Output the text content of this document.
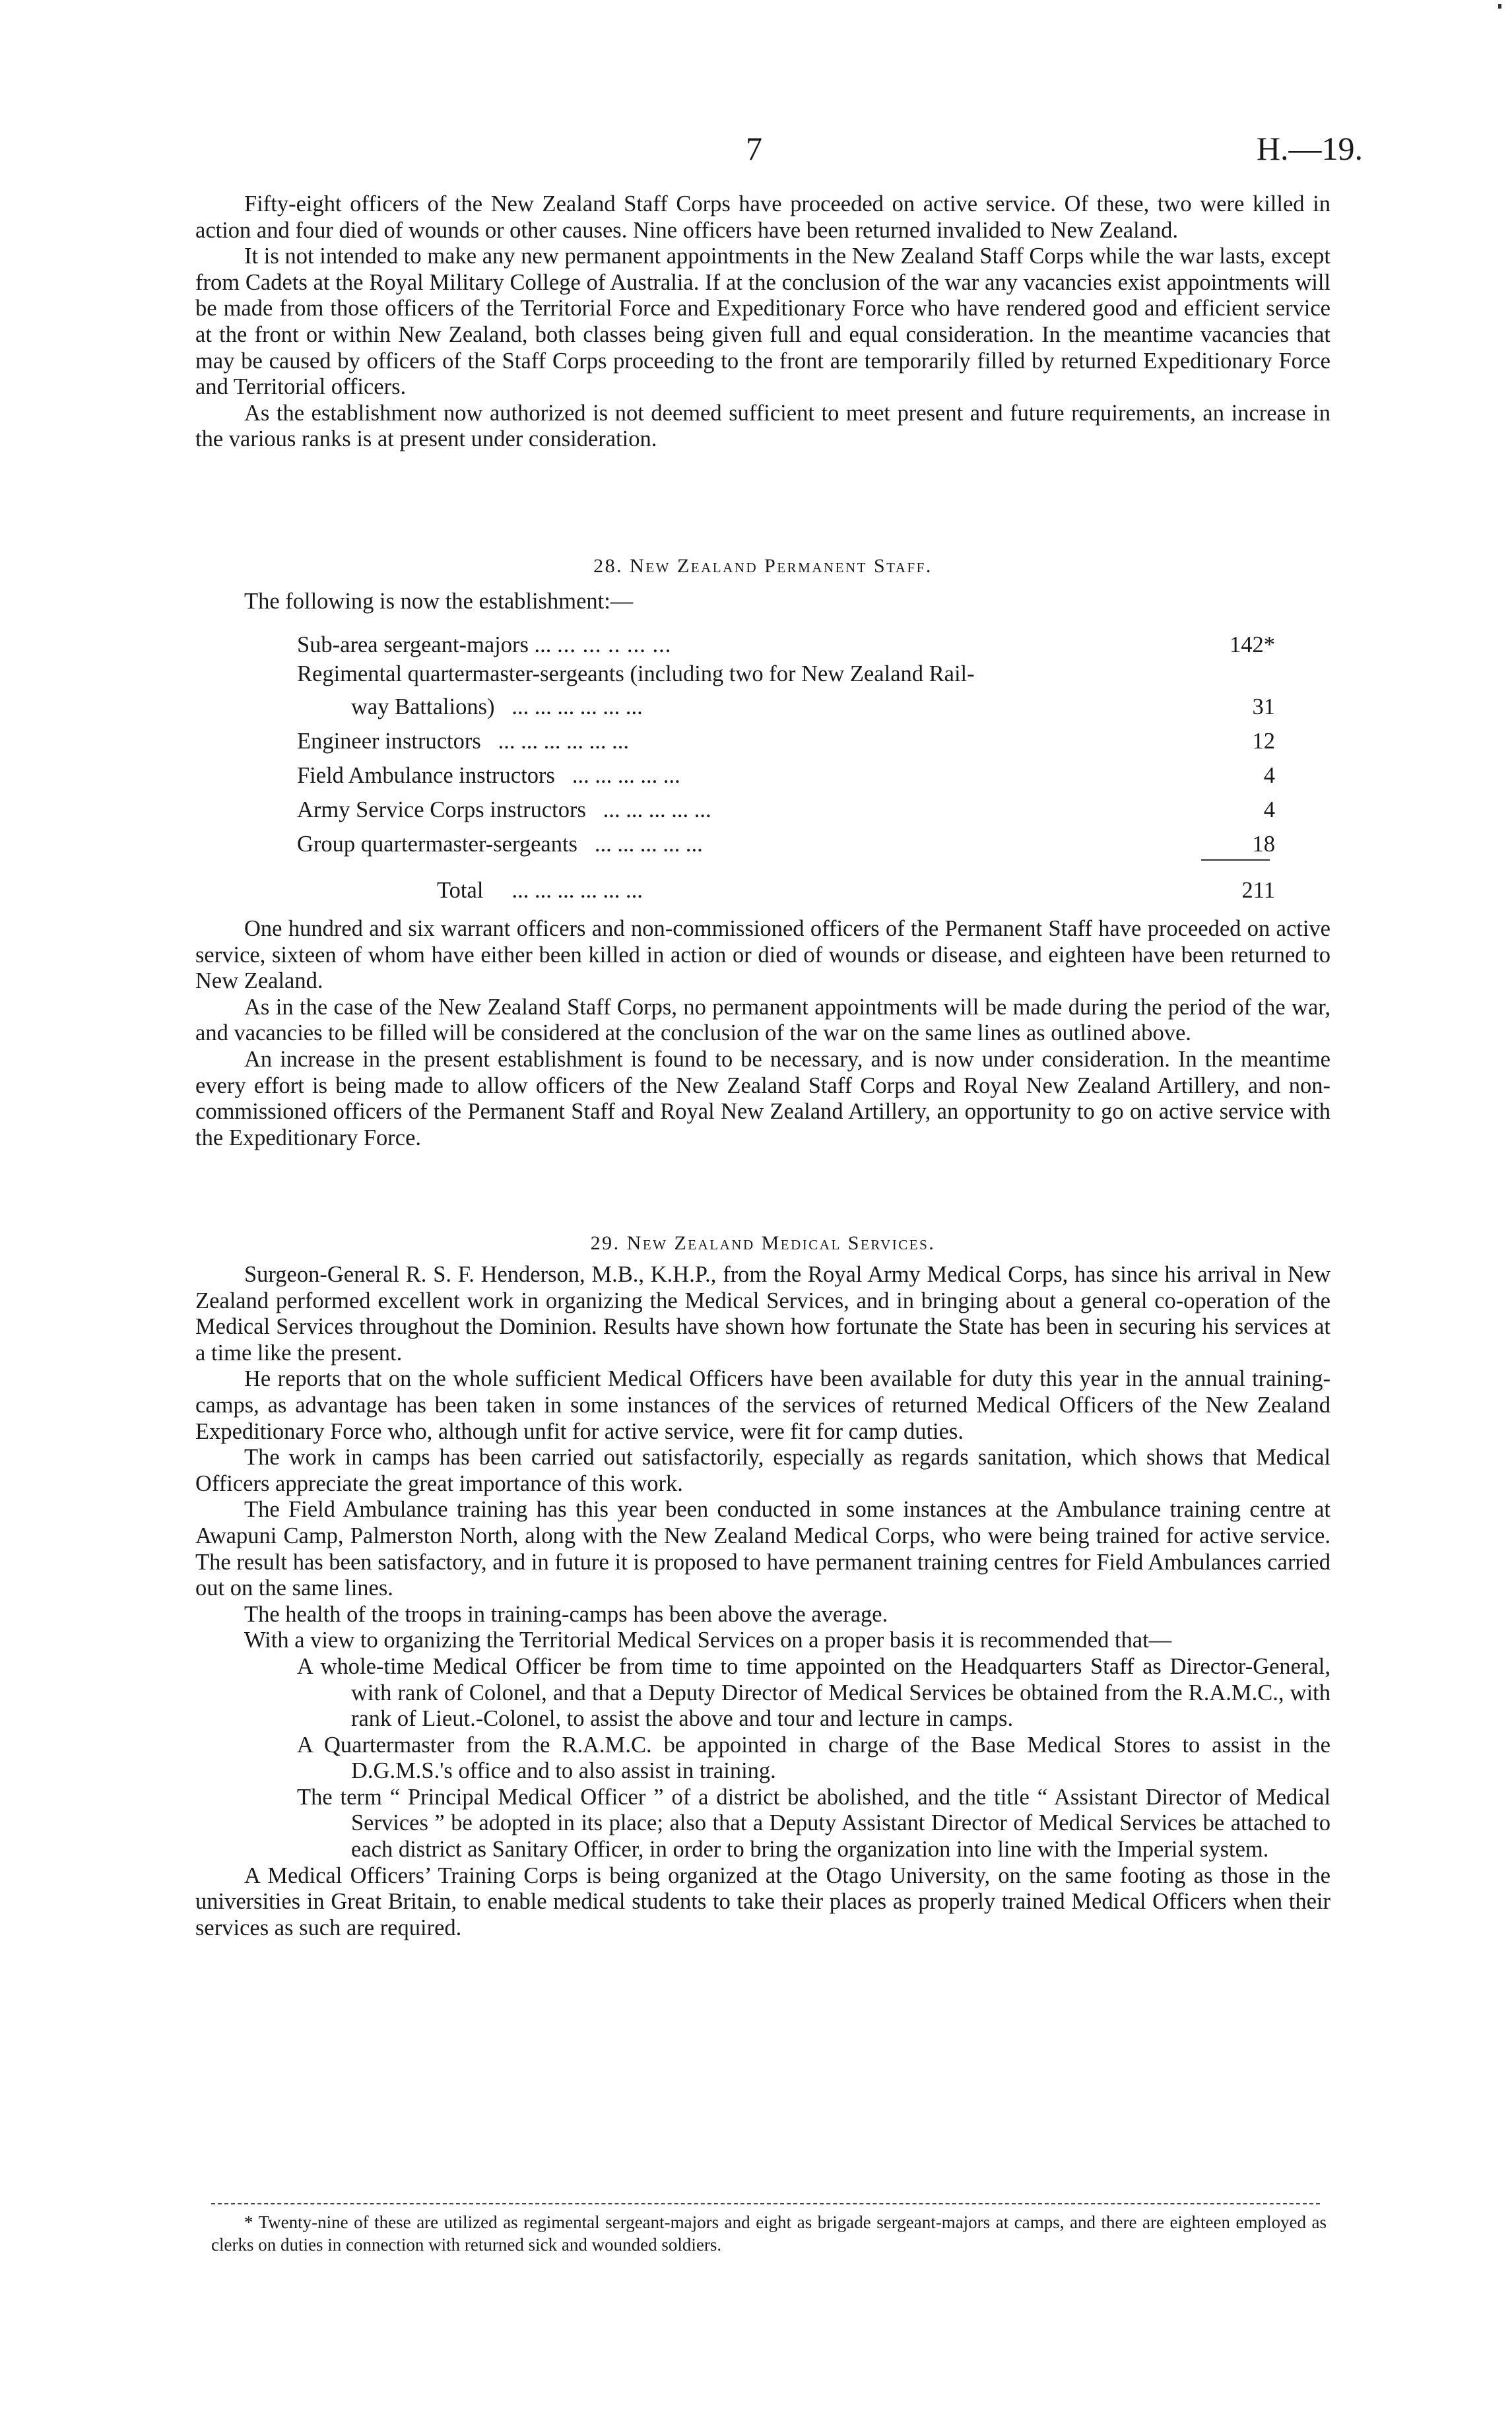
7	H.—19.

Fifty-eight officers of the New Zealand Staff Corps have proceeded on active service. Of these, two were killed in action and four died of wounds or other causes. Nine officers have been returned invalided to New Zealand.

It is not intended to make any new permanent appointments in the New Zealand Staff Corps while the war lasts, except from Cadets at the Royal Military College of Australia. If at the conclusion of the war any vacancies exist appointments will be made from those officers of the Territorial Force and Expeditionary Force who have rendered good and efficient service at the front or within New Zealand, both classes being given full and equal consideration. In the meantime vacancies that may be caused by officers of the Staff Corps proceeding to the front are temporarily filled by returned Expeditionary Force and Territorial officers.

As the establishment now authorized is not deemed sufficient to meet present and future requirements, an increase in the various ranks is at present under consideration.

28. New Zealand Permanent Staff.

The following is now the establishment:—

Sub-area sergeant-majors ... ... ... .. ... ...	142*
Regimental quartermaster-sergeants (including two for New Zealand Rail-	
way Battalions) ... ... ... ... ... ...	31
Engineer instructors ... ... ... ... ... ...	12
Field Ambulance instructors ... ... ... ... ...	4
Army Service Corps instructors ... ... ... ... ...	4
Group quartermaster-sergeants ... ... ... ... ...	18

Total ... ... ... ... ... ...	211

One hundred and six warrant officers and non-commissioned officers of the Permanent Staff have proceeded on active service, sixteen of whom have either been killed in action or died of wounds or disease, and eighteen have been returned to New Zealand.

As in the case of the New Zealand Staff Corps, no permanent appointments will be made during the period of the war, and vacancies to be filled will be considered at the conclusion of the war on the same lines as outlined above.

An increase in the present establishment is found to be necessary, and is now under consideration. In the meantime every effort is being made to allow officers of the New Zealand Staff Corps and Royal New Zealand Artillery, and non-commissioned officers of the Permanent Staff and Royal New Zealand Artillery, an opportunity to go on active service with the Expeditionary Force.

29. New Zealand Medical Services.

Surgeon-General R. S. F. Henderson, M.B., K.H.P., from the Royal Army Medical Corps, has since his arrival in New Zealand performed excellent work in organizing the Medical Services, and in bringing about a general co-operation of the Medical Services throughout the Dominion. Results have shown how fortunate the State has been in securing his services at a time like the present.

He reports that on the whole sufficient Medical Officers have been available for duty this year in the annual training-camps, as advantage has been taken in some instances of the services of returned Medical Officers of the New Zealand Expeditionary Force who, although unfit for active service, were fit for camp duties.

The work in camps has been carried out satisfactorily, especially as regards sanitation, which shows that Medical Officers appreciate the great importance of this work.

The Field Ambulance training has this year been conducted in some instances at the Ambulance training centre at Awapuni Camp, Palmerston North, along with the New Zealand Medical Corps, who were being trained for active service. The result has been satisfactory, and in future it is proposed to have permanent training centres for Field Ambulances carried out on the same lines.

The health of the troops in training-camps has been above the average.

With a view to organizing the Territorial Medical Services on a proper basis it is recommended that—

A whole-time Medical Officer be from time to time appointed on the Headquarters Staff as Director-General, with rank of Colonel, and that a Deputy Director of Medical Services be obtained from the R.A.M.C., with rank of Lieut.-Colonel, to assist the above and tour and lecture in camps.

A Quartermaster from the R.A.M.C. be appointed in charge of the Base Medical Stores to assist in the D.G.M.S.'s office and to also assist in training.

The term “ Principal Medical Officer ” of a district be abolished, and the title “ Assistant Director of Medical Services ” be adopted in its place; also that a Deputy Assistant Director of Medical Services be attached to each district as Sanitary Officer, in order to bring the organization into line with the Imperial system.

A Medical Officers’ Training Corps is being organized at the Otago University, on the same footing as those in the universities in Great Britain, to enable medical students to take their places as properly trained Medical Officers when their services as such are required.

* Twenty-nine of these are utilized as regimental sergeant-majors and eight as brigade sergeant-majors at camps, and there are eighteen employed as clerks on duties in connection with returned sick and wounded soldiers.
